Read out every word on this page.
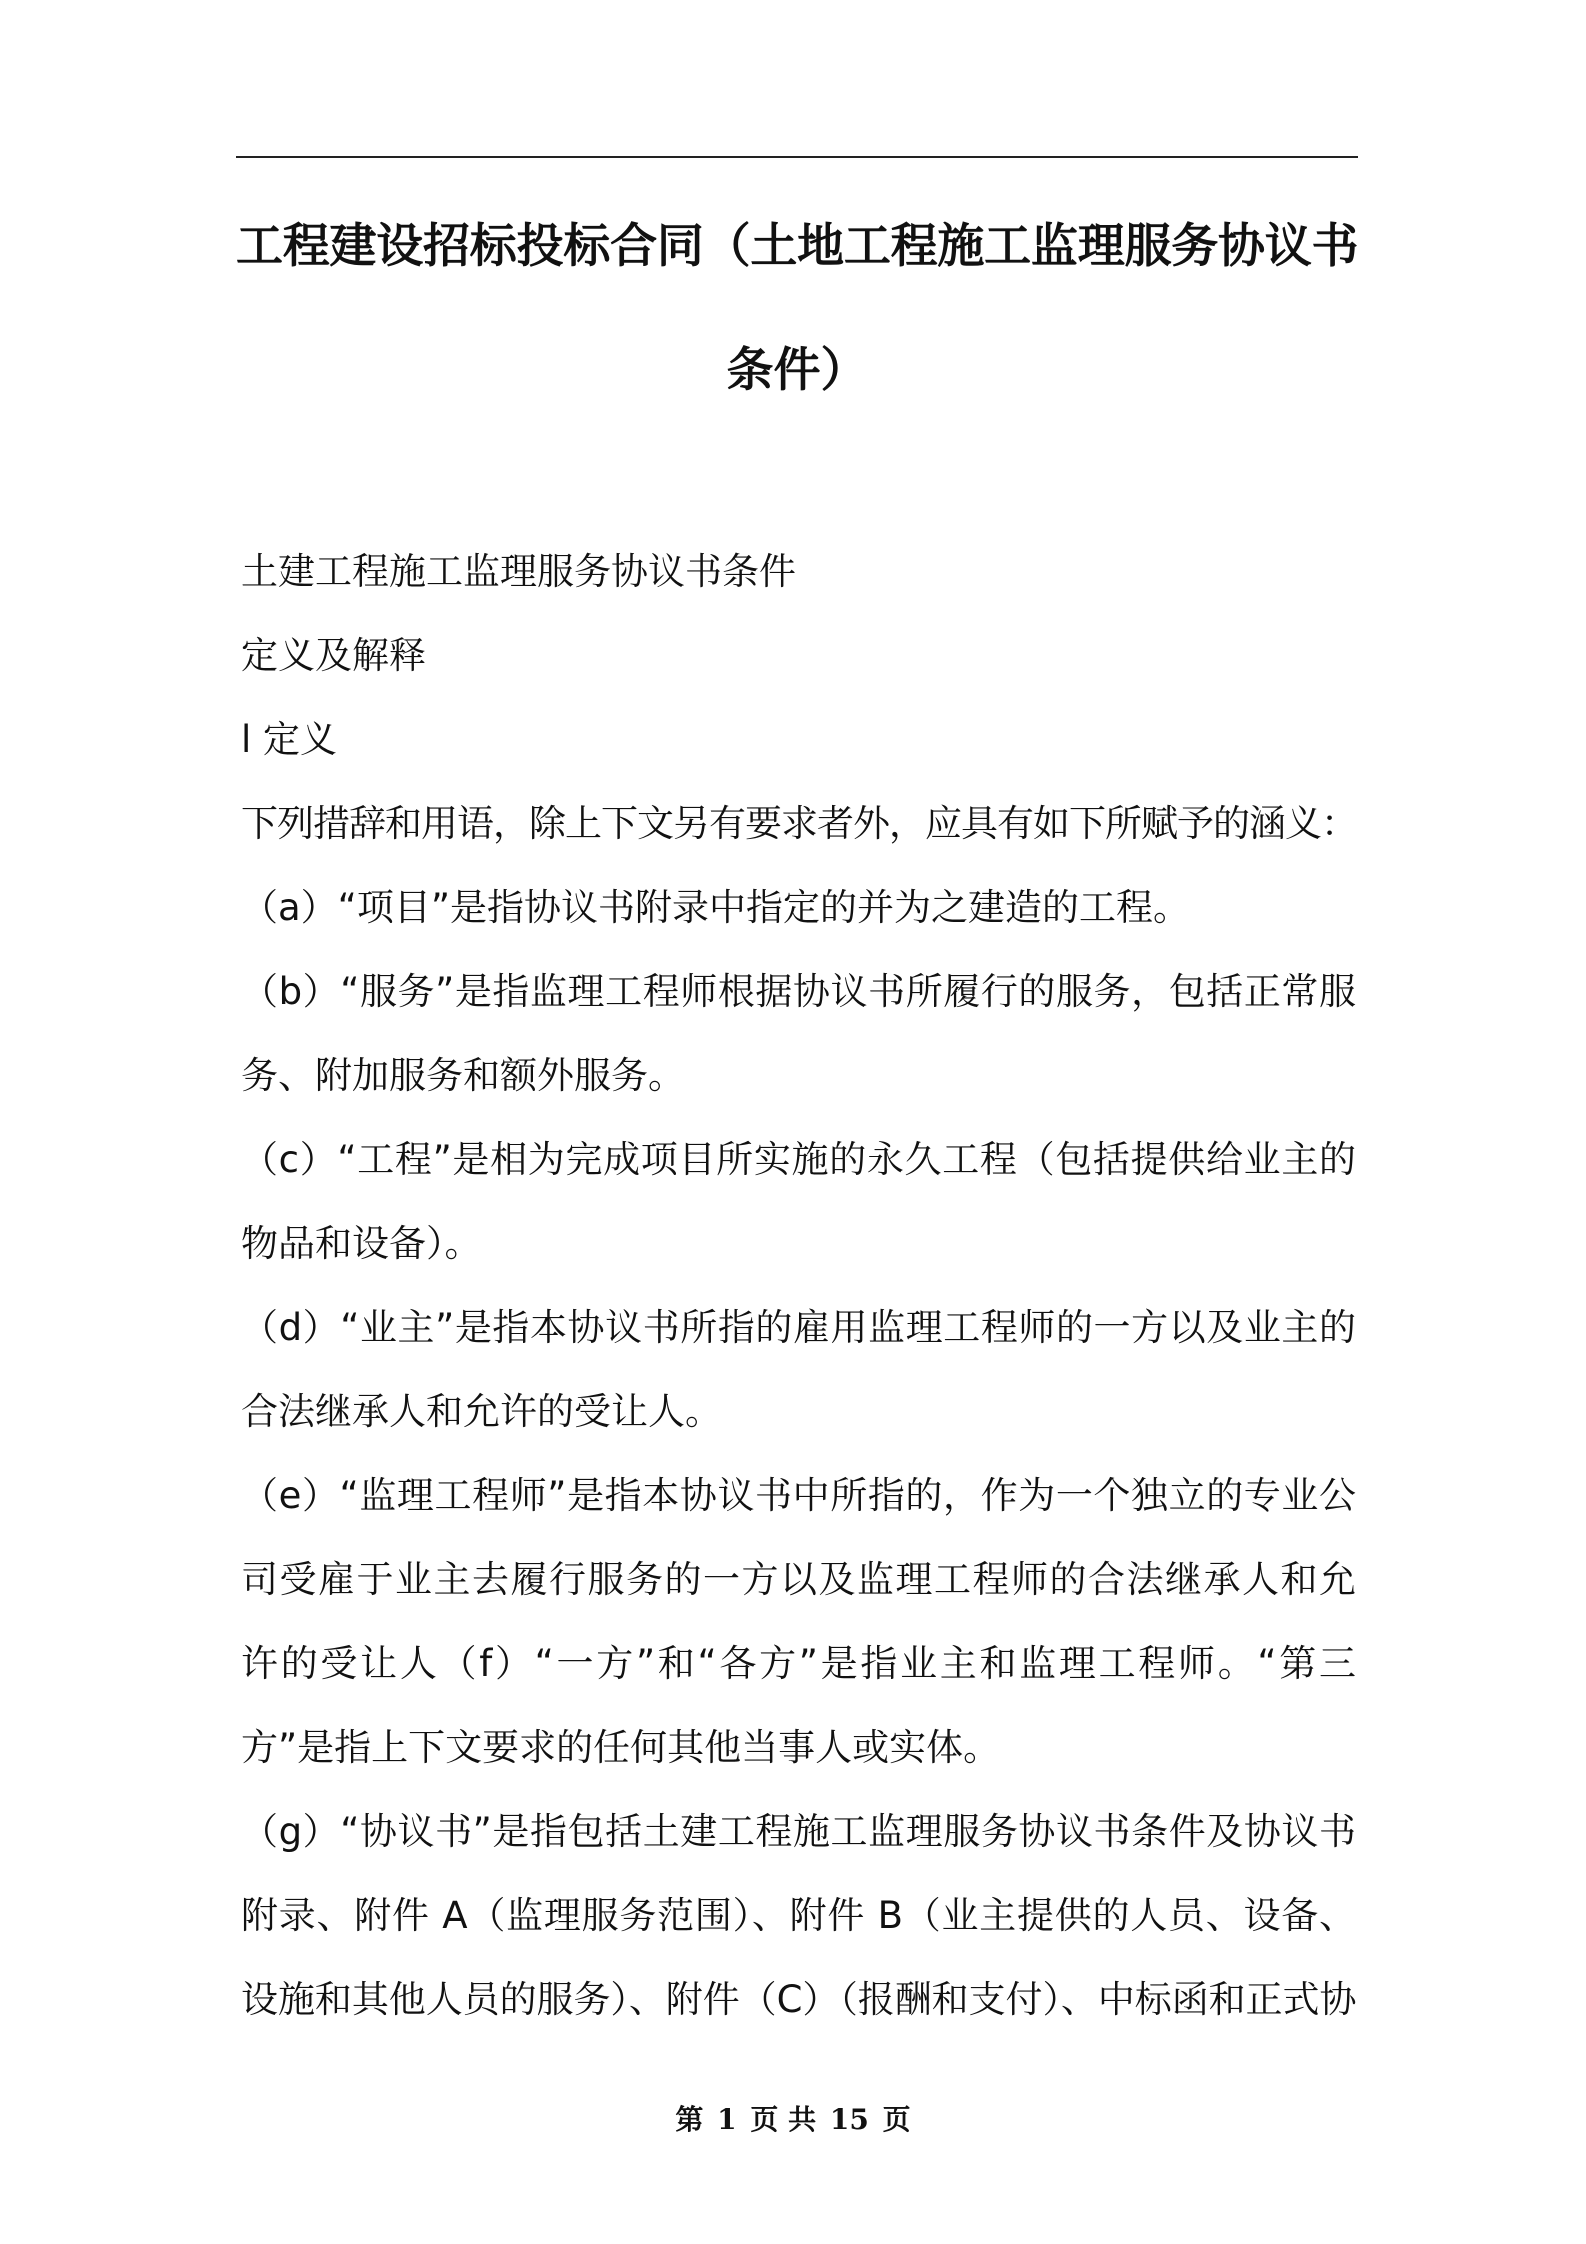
工程建设招标投标合同（土地工程施工监理服务协议书
条件）
土建工程施工监理服务协议书条件
定义及解释
l 定义
下列措辞和用语，除上下文另有要求者外，应具有如下所赋予的涵义：
（a）“项目”是指协议书附录中指定的并为之建造的工程。
（b）“服务”是指监理工程师根据协议书所履行的服务，包括正常服
务、附加服务和额外服务。
（c）“工程”是相为完成项目所实施的永久工程（包括提供给业主的
物品和设备）。
（d）“业主”是指本协议书所指的雇用监理工程师的一方以及业主的
合法继承人和允许的受让人。
（e）“监理工程师”是指本协议书中所指的，作为一个独立的专业公
司受雇于业主去履行服务的一方以及监理工程师的合法继承人和允
许的受让人（f）“一方”和“各方”是指业主和监理工程师。“第三
方”是指上下文要求的任何其他当事人或实体。
（g）“协议书”是指包括土建工程施工监理服务协议书条件及协议书
附录、附件 A（监理服务范围）、附件 B（业主提供的人员、设备、
设施和其他人员的服务）、附件（C）（报酬和支付）、中标函和正式协
第 1 页 共 15 页
